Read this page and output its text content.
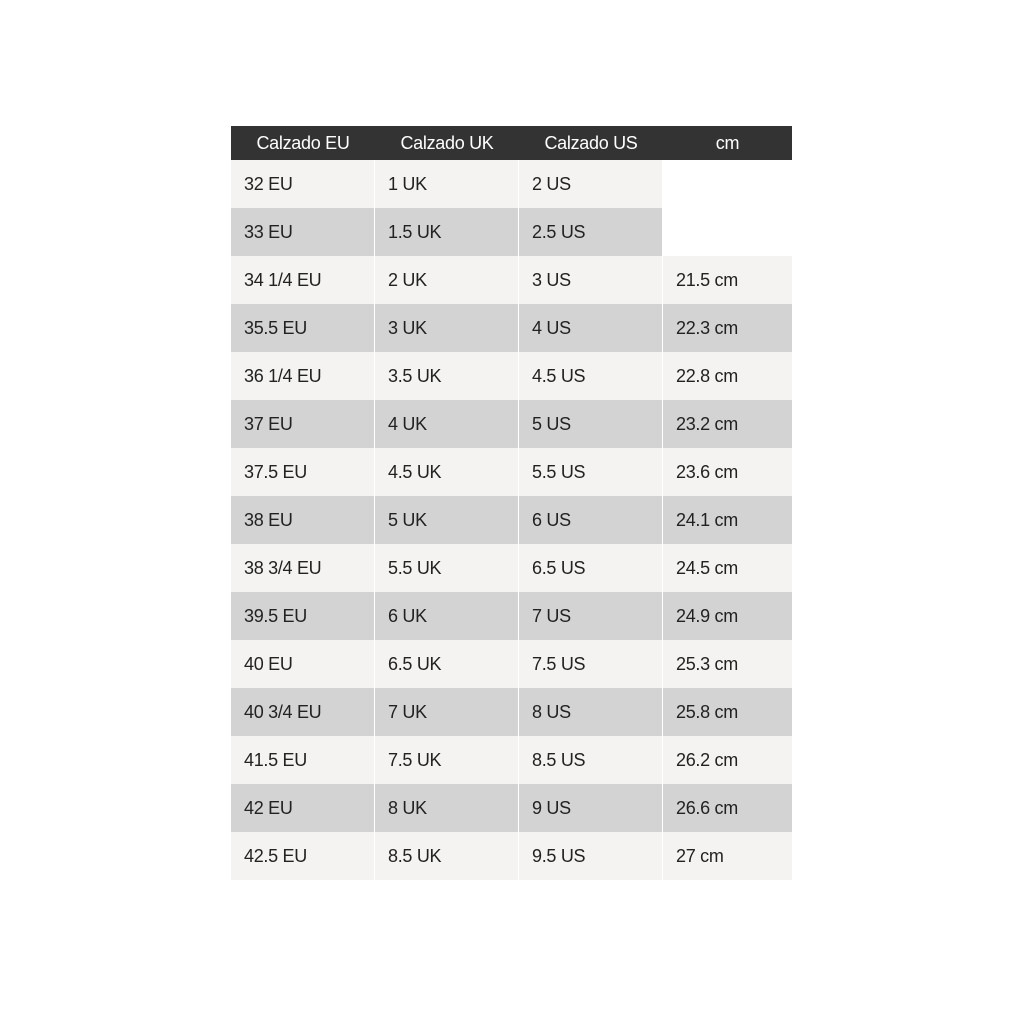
Calzado EU	Calzado UK	Calzado US	cm
32 EU	1 UK	2 US
33 EU	1.5 UK	2.5 US
34 1/4 EU	2 UK	3 US	21.5 cm
35.5 EU	3 UK	4 US	22.3 cm
36 1/4 EU	3.5 UK	4.5 US	22.8 cm
37 EU	4 UK	5 US	23.2 cm
37.5 EU	4.5 UK	5.5 US	23.6 cm
38 EU	5 UK	6 US	24.1 cm
38 3/4 EU	5.5 UK	6.5 US	24.5 cm
39.5 EU	6 UK	7 US	24.9 cm
40 EU	6.5 UK	7.5 US	25.3 cm
40 3/4 EU	7 UK	8 US	25.8 cm
41.5 EU	7.5 UK	8.5 US	26.2 cm
42 EU	8 UK	9 US	26.6 cm
42.5 EU	8.5 UK	9.5 US	27 cm
